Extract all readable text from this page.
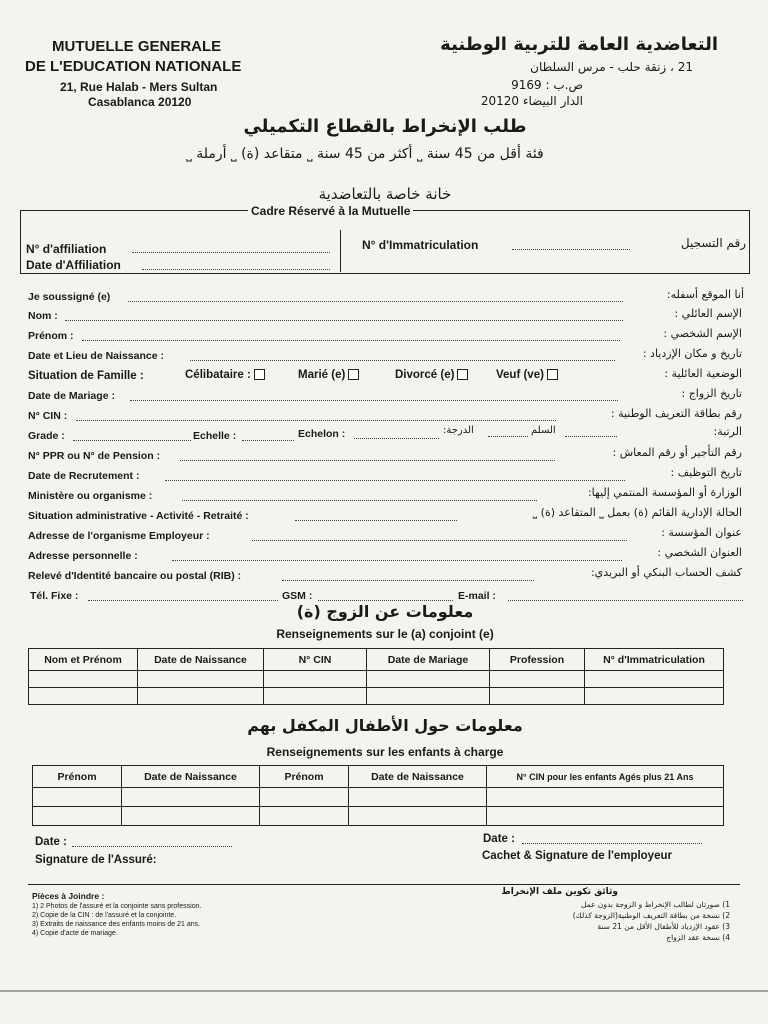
MUTUELLE GENERALE
DE L'EDUCATION NATIONALE
21, Rue Halab - Mers Sultan
Casablanca 20120
التعاضدية العامة للتربية الوطنية
21 ، زنقة حلب - مرس السلطان
ص.ب : 9169
الدار البيضاء 20120
طلب الإنخراط بالقطاع التكميلي
فئة أقل من 45 سنة ⎵ أكثر من 45 سنة ⎵ متقاعد (ة) ⎵ أرملة ⎵
خانة خاصة بالتعاضدية
Cadre Réservé à la Mutuelle
N° d'affiliation
Date d'Affiliation
N° d'Immatriculation	رقم التسجيل
Je soussigné (e)	أنا الموقع أسفله:
Nom :	الإسم العائلي :
Prénom :	الإسم الشخصي :
Date et Lieu de Naissance :	تاريخ و مكان الإزدياد :
Situation de Famille :	Célibataire :	Marié (e)	Divorcé (e)	Veuf (ve)	الوضعية العائلية :
Date de Mariage :	تاريخ الزواج :
N° CIN :	رقم بطاقة التعريف الوطنية :
Grade :	Echelle :	Echelon :	الدرجة:	السلم	الرتبة:
N° PPR ou N° de Pension :	رقم التأجير أو رقم المعاش :
Date de Recrutement :	تاريخ التوظيف :
Ministère ou organisme :	الوزارة أو المؤسسة المنتمي إليها:
Situation administrative - Activité - Retraité :	الحالة الإدارية القائم (ة) بعمل ⎵ المتقاعد (ة) ⎵
Adresse de l'organisme Employeur :	عنوان المؤسسة :
Adresse personnelle :	العنوان الشخصي :
Relevé d'Identité bancaire ou postal (RIB) :	كشف الحساب البنكي أو البريدي:
Tél. Fixe :	GSM :	E-mail :
معلومات عن الزوج (ة)
Renseignements sur le (a) conjoint (e)
Nom et Prénom	Date de Naissance	N° CIN	Date de Mariage	Profession	N° d'Immatriculation

معلومات حول الأطفال المكفل بهم
Renseignements sur les enfants à charge
Prénom	Date de Naissance	Prénom	Date de Naissance	N° CIN pour les enfants Agés plus 21 Ans

Date :
Signature de l'Assuré:
Date :
Cachet & Signature de l'employeur
Pièces à Joindre :
1) 2 Photos de l'assuré et la conjointe sans profession.
2) Copie de la CIN : de l'assuré et la conjointe.
3) Extraits de naissance des enfants moins de 21 ans.
4) Copie d'acte de mariage.
وثائق تكوين ملف الإنخراط
1) صورتان لطالب الإنخراط و الزوجة بدون عمل
2) نسخة من بطاقة التعريف الوطنية(الزوجة كذلك)
3) عقود الإزدياد للأطفال الأقل من 21 سنة
4) نسخة عقد الزواج
